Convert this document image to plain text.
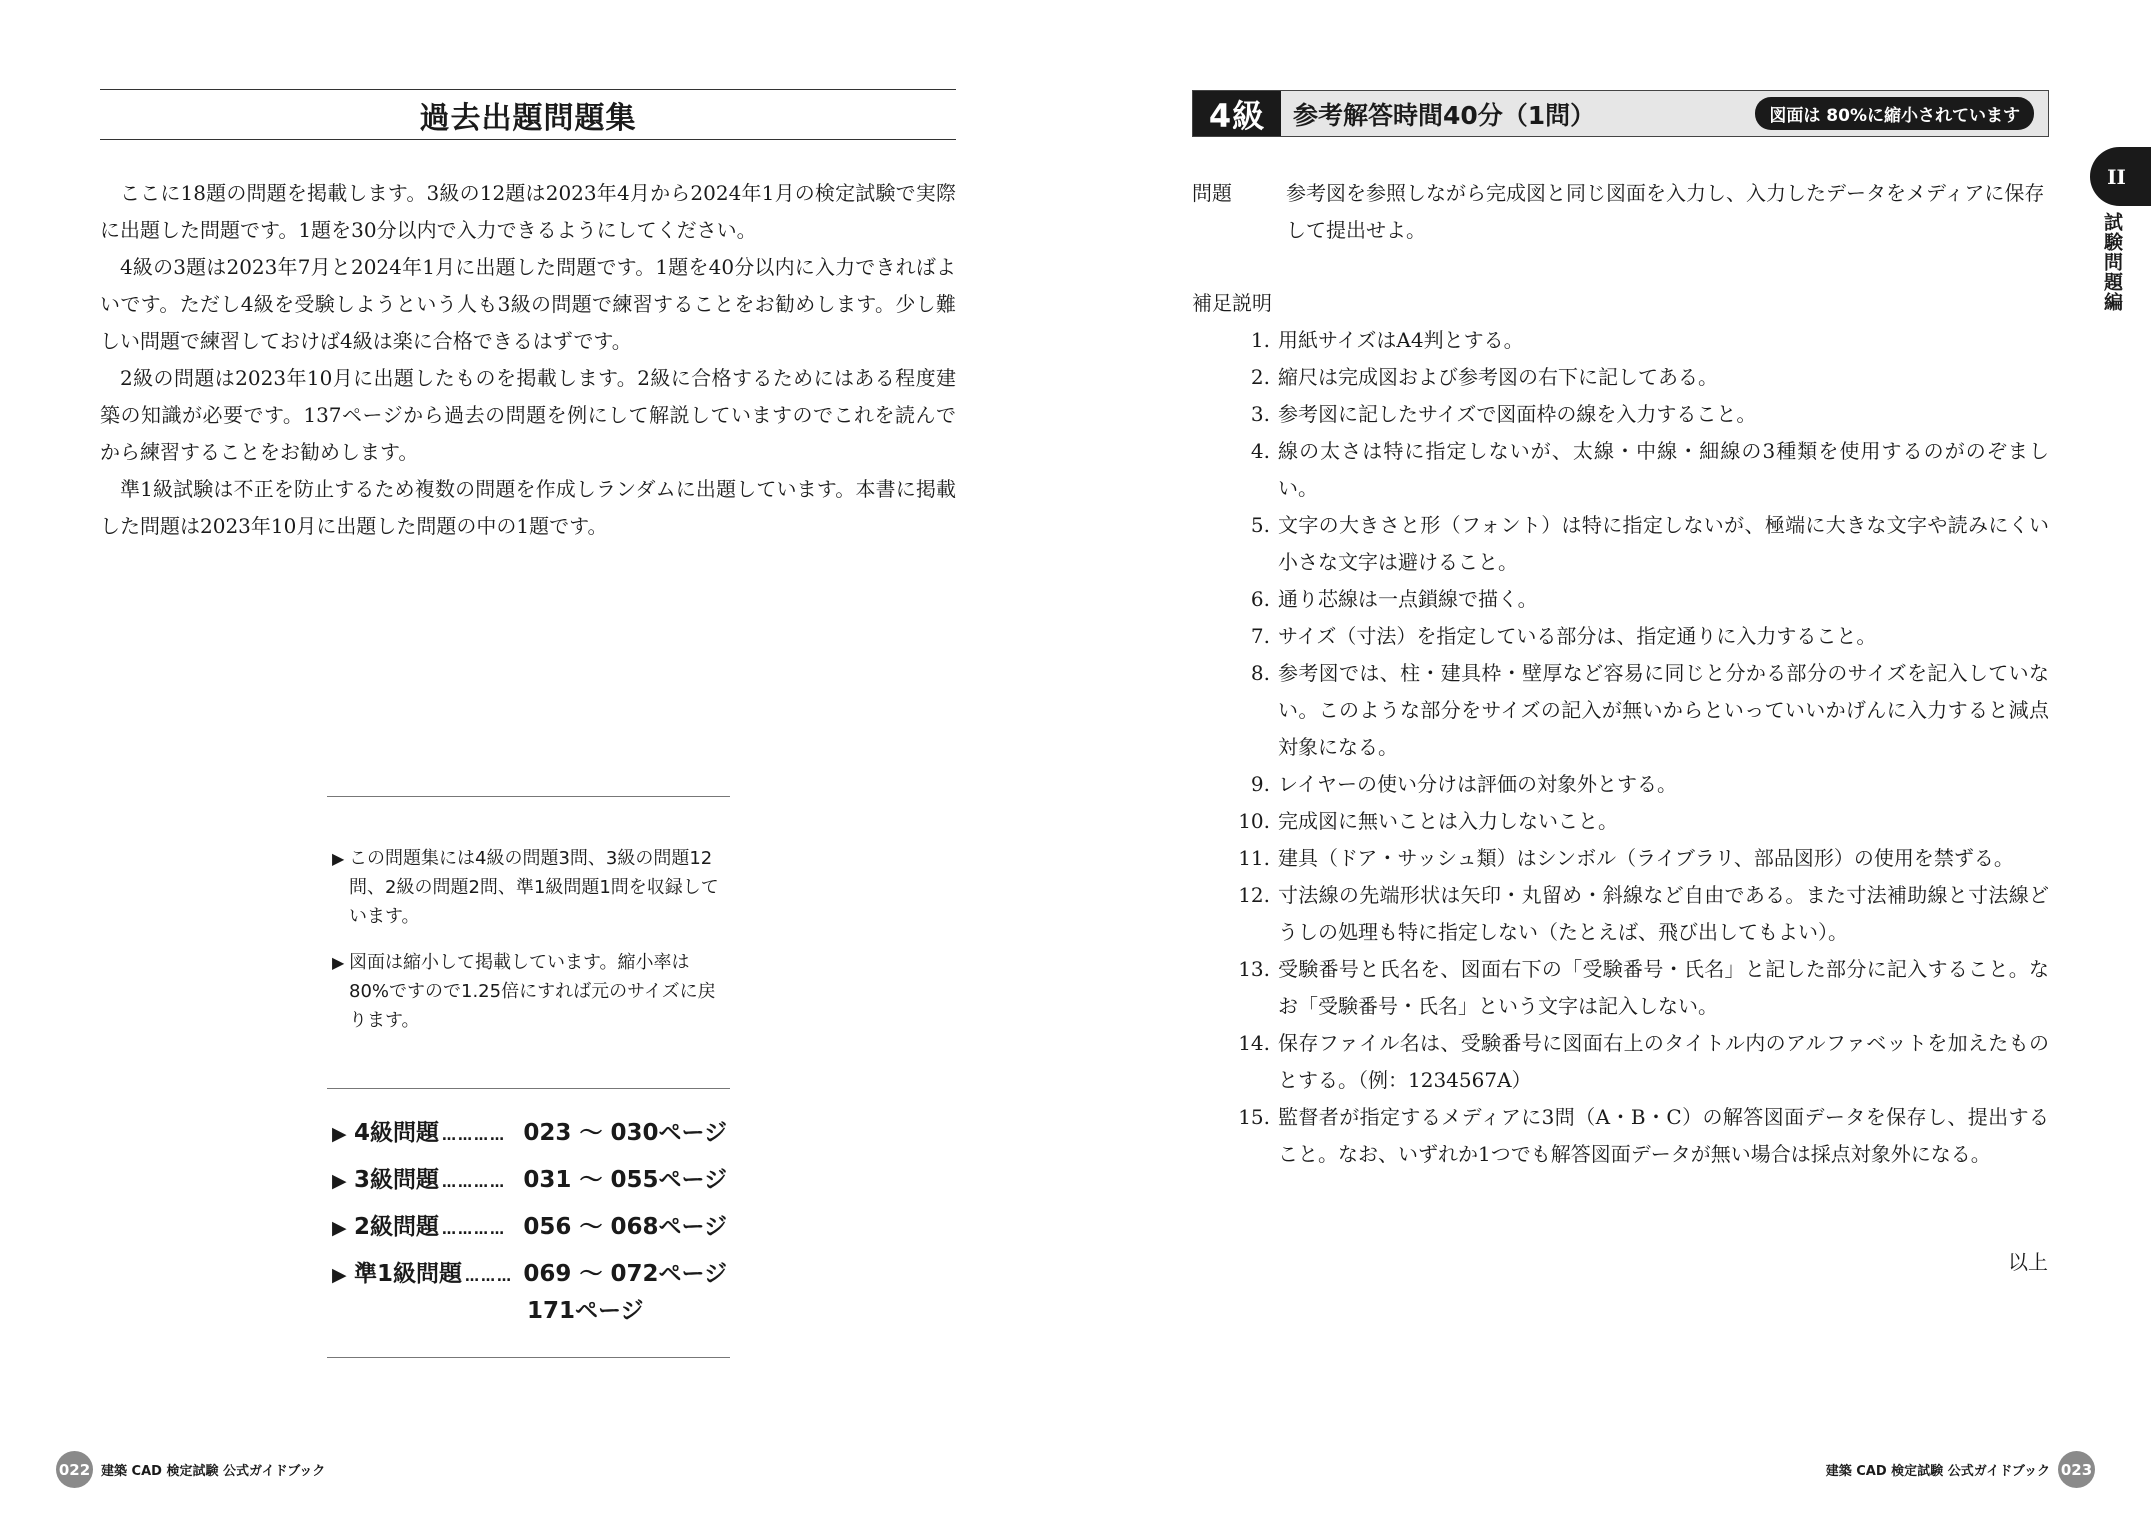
過去出題問題集

ここに18題の問題を掲載します。3級の12題は2023年4月から2024年1月の検定試験で実際に出題した問題です。1題を30分以内で入力できるようにしてください。

4級の3題は2023年7月と2024年1月に出題した問題です。1題を40分以内に入力できればよいです。ただし4級を受験しようという人も3級の問題で練習することをお勧めします。少し難しい問題で練習しておけば4級は楽に合格できるはずです。

2級の問題は2023年10月に出題したものを掲載します。2級に合格するためにはある程度建築の知識が必要です。137ページから過去の問題を例にして解説していますのでこれを読んでから練習することをお勧めします。

準1級試験は不正を防止するため複数の問題を作成しランダムに出題しています。本書に掲載した問題は2023年10月に出題した問題の中の1題です。

▶ この問題集には4級の問題3問、3級の問題12問、2級の問題2問、準1級問題1問を収録しています。
▶ 図面は縮小して掲載しています。縮小率は80%ですので1.25倍にすれば元のサイズに戻ります。
▶ 4級問題 ………… 023 〜 030ページ
▶ 3級問題 ………… 031 〜 055ページ
▶ 2級問題 ………… 056 〜 068ページ
▶ 準1級問題 ……… 069 〜 072ページ
171ページ
022 建築 CAD 検定試験 公式ガイドブック
4級	参考解答時間40分（1問）	図面は 80%に縮小されています
II
試験問題編
問題	参考図を参照しながら完成図と同じ図面を入力し、入力したデータをメディアに保存して提出せよ。
補足説明
1. 用紙サイズはA4判とする。
2. 縮尺は完成図および参考図の右下に記してある。
3. 参考図に記したサイズで図面枠の線を入力すること。
4. 線の太さは特に指定しないが、太線・中線・細線の3種類を使用するのがのぞましい。
5. 文字の大きさと形（フォント）は特に指定しないが、極端に大きな文字や読みにくい小さな文字は避けること。
6. 通り芯線は一点鎖線で描く。
7. サイズ（寸法）を指定している部分は、指定通りに入力すること。
8. 参考図では、柱・建具枠・壁厚など容易に同じと分かる部分のサイズを記入していない。このような部分をサイズの記入が無いからといっていいかげんに入力すると減点対象になる。
9. レイヤーの使い分けは評価の対象外とする。
10. 完成図に無いことは入力しないこと。
11. 建具（ドア・サッシュ類）はシンボル（ライブラリ、部品図形）の使用を禁ずる。
12. 寸法線の先端形状は矢印・丸留め・斜線など自由である。また寸法補助線と寸法線どうしの処理も特に指定しない（たとえば、飛び出してもよい）。
13. 受験番号と氏名を、図面右下の「受験番号・氏名」と記した部分に記入すること。なお「受験番号・氏名」という文字は記入しない。
14. 保存ファイル名は、受験番号に図面右上のタイトル内のアルファベットを加えたものとする。（例：1234567A）
15. 監督者が指定するメディアに3問（A・B・C）の解答図面データを保存し、提出すること。なお、いずれか1つでも解答図面データが無い場合は採点対象外になる。
以上
建築 CAD 検定試験 公式ガイドブック 023
